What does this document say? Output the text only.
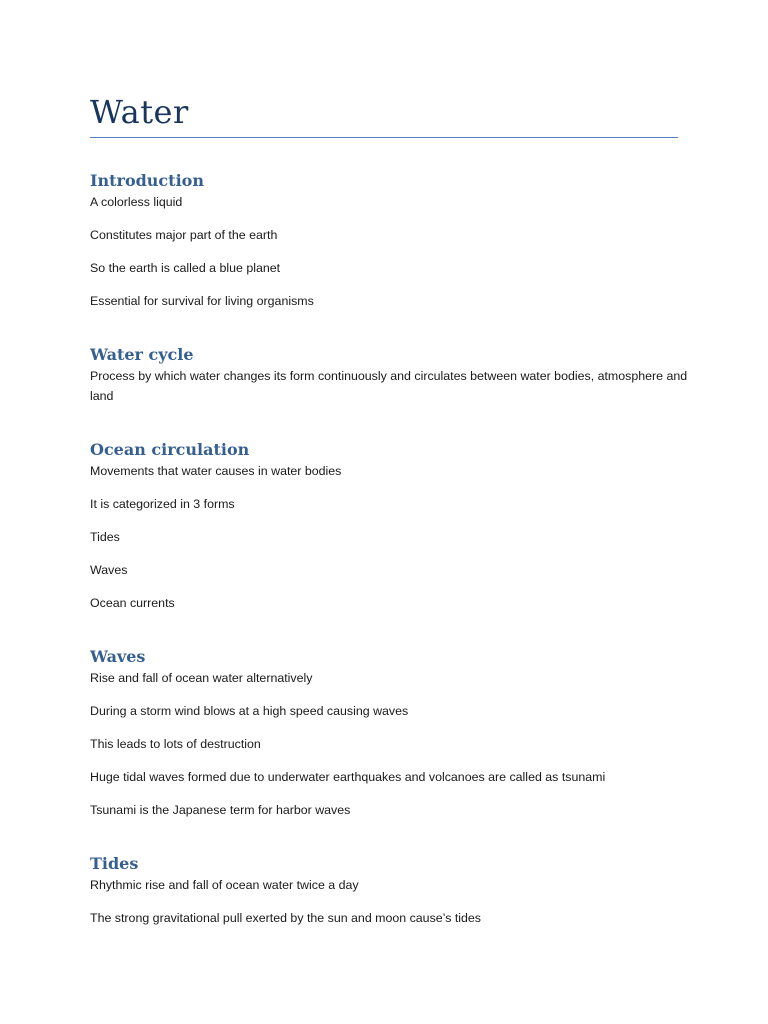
Water
Introduction

A colorless liquid

Constitutes major part of the earth

So the earth is called a blue planet

Essential for survival for living organisms

Water cycle

Process by which water changes its form continuously and circulates between water bodies, atmosphere and land

Ocean circulation

Movements that water causes in water bodies

It is categorized in 3 forms

Tides

Waves

Ocean currents

Waves

Rise and fall of ocean water alternatively

During a storm wind blows at a high speed causing waves

This leads to lots of destruction

Huge tidal waves formed due to underwater earthquakes and volcanoes are called as tsunami

Tsunami is the Japanese term for harbor waves

Tides

Rhythmic rise and fall of ocean water twice a day

The strong gravitational pull exerted by the sun and moon cause’s tides
